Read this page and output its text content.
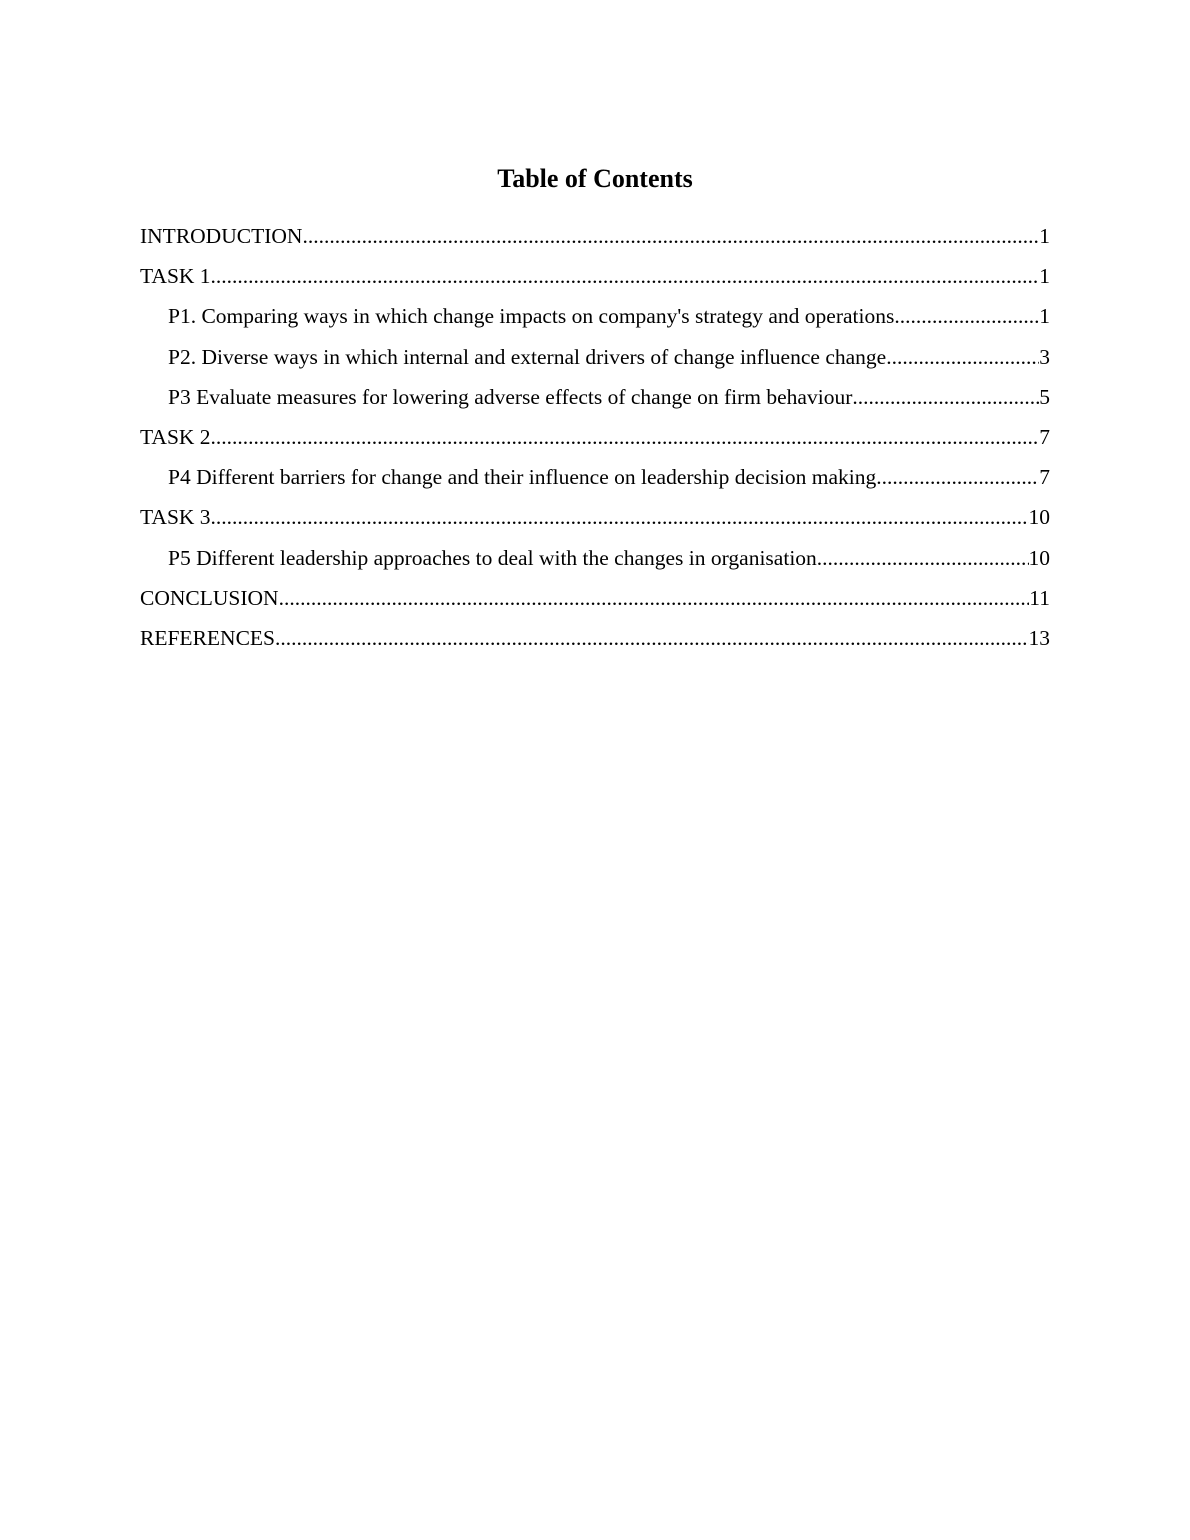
Table of Contents
INTRODUCTION .....	1
TASK 1 .....	1
P1. Comparing ways in which change impacts on company's strategy and operations .....	1
P2. Diverse ways in which internal and external drivers of change influence change .....	3
P3 Evaluate measures for lowering adverse effects of change on firm behaviour .....	5
TASK 2 .....	7
P4 Different barriers for change and their influence on leadership decision making .....	7
TASK 3 .....	10
P5 Different leadership approaches to deal with the changes in organisation .....	10
CONCLUSION .....	11
REFERENCES .....	13
